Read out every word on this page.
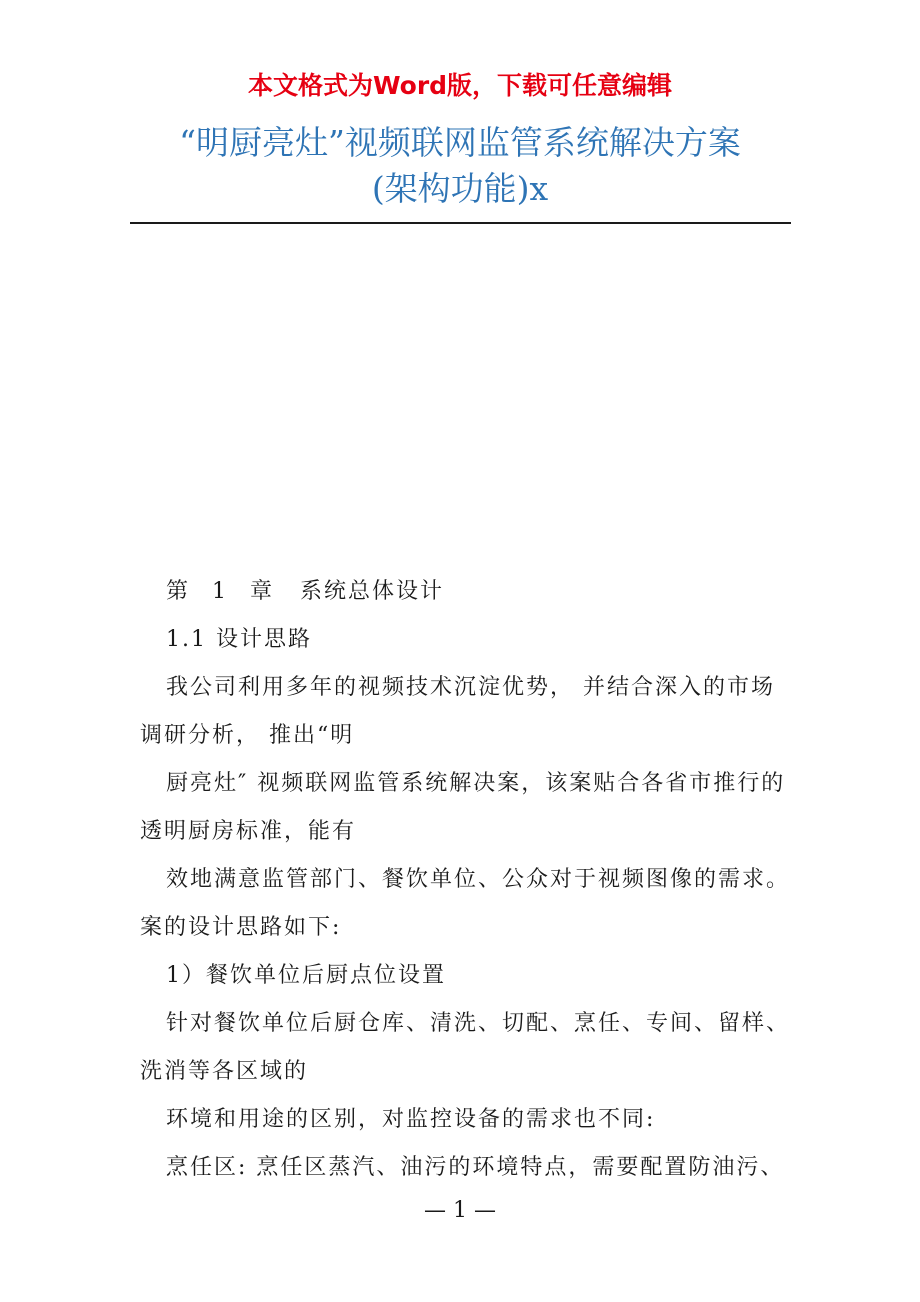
本文格式为Word版，下载可任意编辑
“明厨亮灶”视频联网监管系统解决方案
(架构功能)x
第 1 章 系统总体设计

1.1 设计思路

我公司利用多年的视频技术沉淀优势， 并结合深入的市场调研分析， 推出“明

厨亮灶″ 视频联网监管系统解决案，该案贴合各省市推行的透明厨房标准，能有

效地满意监管部门、餐饮单位、公众对于视频图像的需求。案的设计思路如下:

1）餐饮单位后厨点位设置

针对餐饮单位后厨仓库、清洗、切配、烹任、专间、留样、洗消等各区域的

环境和用途的区别，对监控设备的需求也不同:

烹任区: 烹任区蒸汽、油污的环境特点，需要配置防油污、

— 1 —
